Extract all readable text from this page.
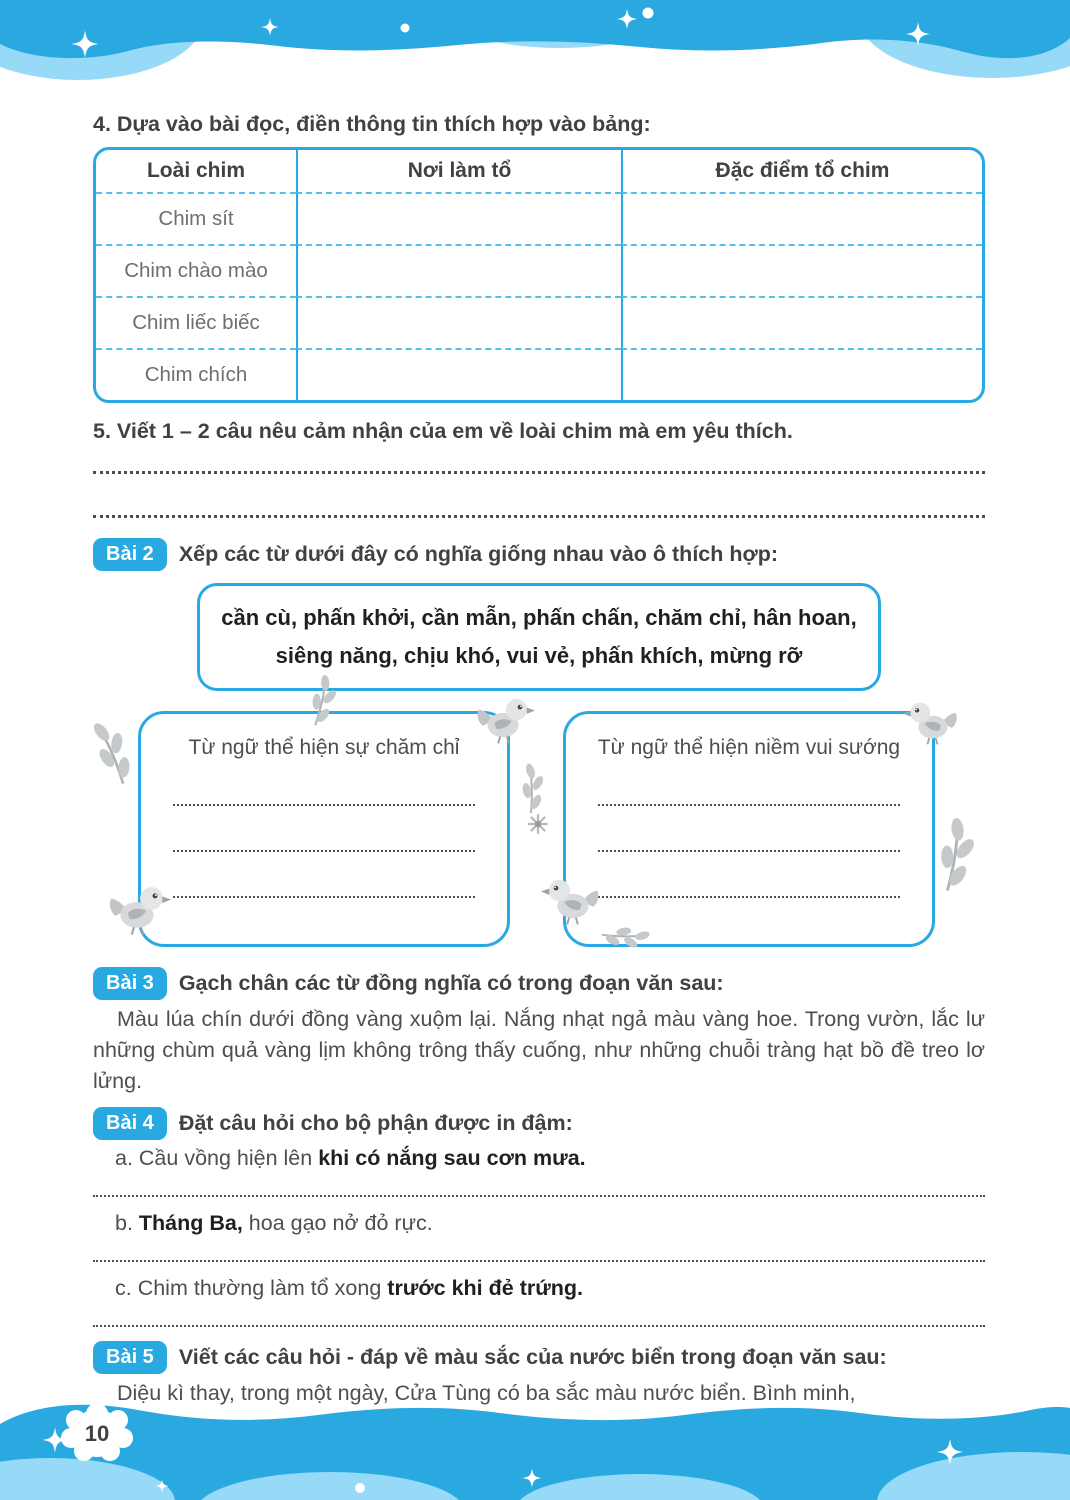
4. Dựa vào bài đọc, điền thông tin thích hợp vào bảng:
Loài chim	Nơi làm tổ	Đặc điểm tổ chim
Chim sít
Chim chào mào
Chim liếc biếc
Chim chích
5. Viết 1 – 2 câu nêu cảm nhận của em về loài chim mà em yêu thích.
Bài 2	Xếp các từ dưới đây có nghĩa giống nhau vào ô thích hợp:
cần cù, phấn khởi, cần mẫn, phấn chấn, chăm chỉ, hân hoan,
siêng năng, chịu khó, vui vẻ, phấn khích, mừng rỡ
Từ ngữ thể hiện sự chăm chỉ	Từ ngữ thể hiện niềm vui sướng
Bài 3	Gạch chân các từ đồng nghĩa có trong đoạn văn sau:

Màu lúa chín dưới đồng vàng xuộm lại. Nắng nhạt ngả màu vàng hoe. Trong vườn, lắc lư những chùm quả vàng lịm không trông thấy cuống, như những chuỗi tràng hạt bồ đề treo lơ lửng.

Bài 4	Đặt câu hỏi cho bộ phận được in đậm:
a. Cầu vồng hiện lên khi có nắng sau cơn mưa.
b. Tháng Ba, hoa gạo nở đỏ rực.
c. Chim thường làm tổ xong trước khi đẻ trứng.
Bài 5	Viết các câu hỏi - đáp về màu sắc của nước biển trong đoạn văn sau:

Diệu kì thay, trong một ngày, Cửa Tùng có ba sắc màu nước biển. Bình minh,

10
